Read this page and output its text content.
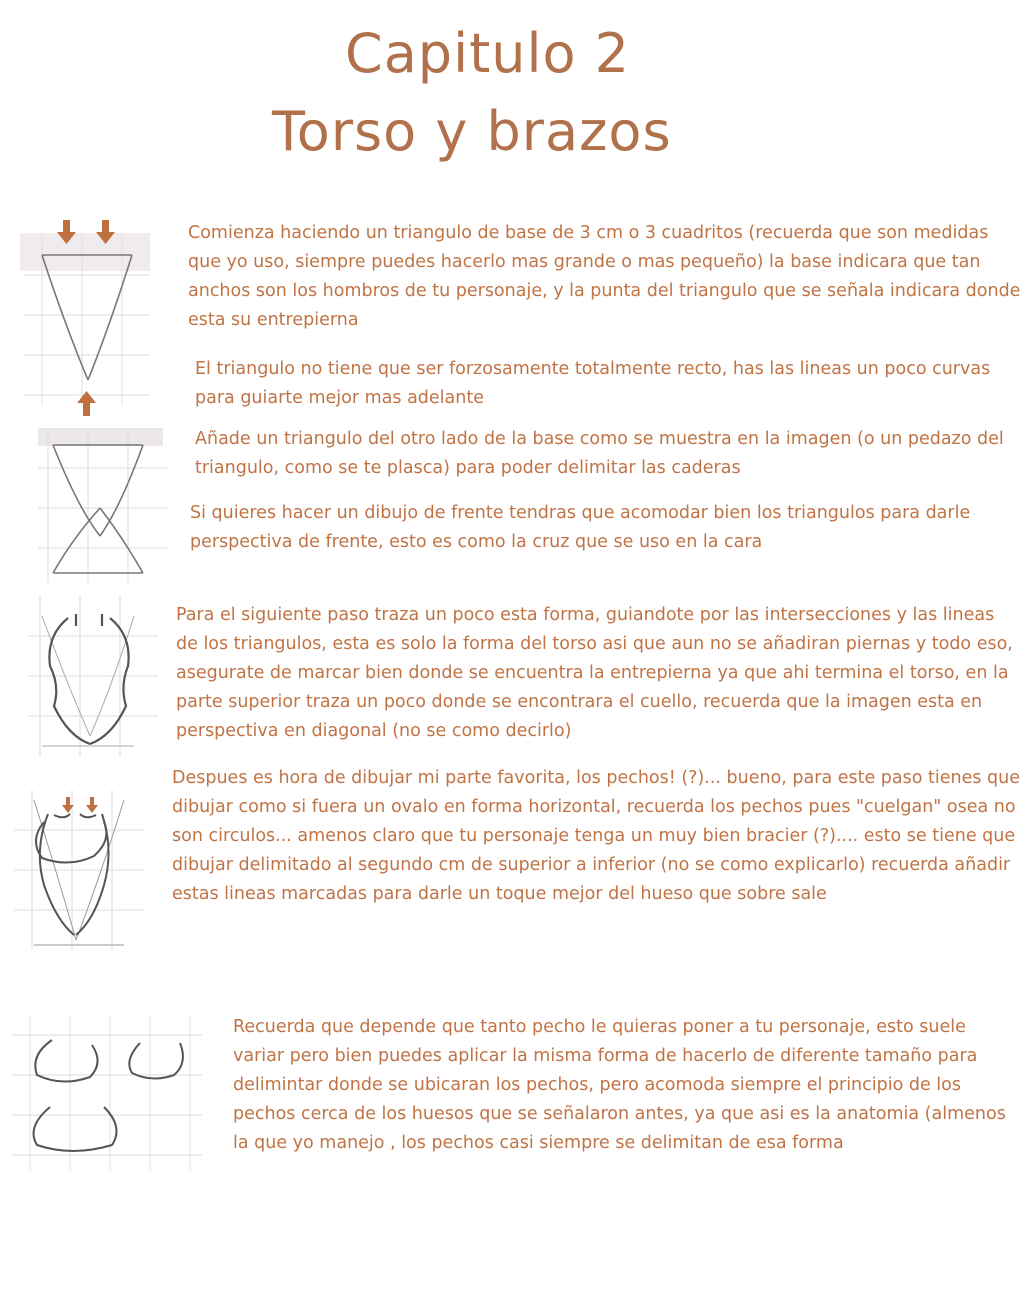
Capitulo 2
Torso y brazos
Comienza haciendo un triangulo de base de 3 cm o 3 cuadritos (recuerda que son medidas que yo uso, siempre puedes hacerlo mas grande o mas pequeño) la base indicara que tan anchos son los hombros de tu personaje, y la punta del triangulo que se señala indicara donde esta su entrepierna
El triangulo no tiene que ser forzosamente totalmente recto, has las lineas un poco curvas para guiarte mejor mas adelante
Añade un triangulo del otro lado de la base como se muestra en la imagen (o un pedazo del triangulo, como se te plasca) para poder delimitar las caderas
Si quieres hacer un dibujo de frente tendras que acomodar bien los triangulos para darle perspectiva de frente, esto es como la cruz que se uso en la cara
Para el siguiente paso traza un poco esta forma, guiandote por las intersecciones y las lineas de los triangulos, esta es solo la forma del torso asi que aun no se añadiran piernas y todo eso, asegurate de marcar bien donde se encuentra la entrepierna ya que ahi termina el torso, en la parte superior traza un poco donde se encontrara el cuello, recuerda que la imagen esta en perspectiva en diagonal (no se como decirlo)
Despues es hora de dibujar mi parte favorita, los pechos! (?)... bueno, para este paso tienes que dibujar como si fuera un ovalo en forma horizontal, recuerda los pechos pues "cuelgan" osea no son circulos... amenos claro que tu personaje tenga un muy bien bracier (?).... esto se tiene que dibujar delimitado al segundo cm de superior a inferior (no se como explicarlo) recuerda añadir estas lineas marcadas para darle un toque mejor del hueso que sobre sale
Recuerda que depende que tanto pecho le quieras poner a tu personaje, esto suele variar pero bien puedes aplicar la misma forma de hacerlo de diferente tamaño para delimintar donde se ubicaran los pechos, pero acomoda siempre el principio de los pechos cerca de los huesos que se señalaron antes, ya que asi es la anatomia (almenos la que yo manejo , los pechos casi siempre se delimitan de esa forma
